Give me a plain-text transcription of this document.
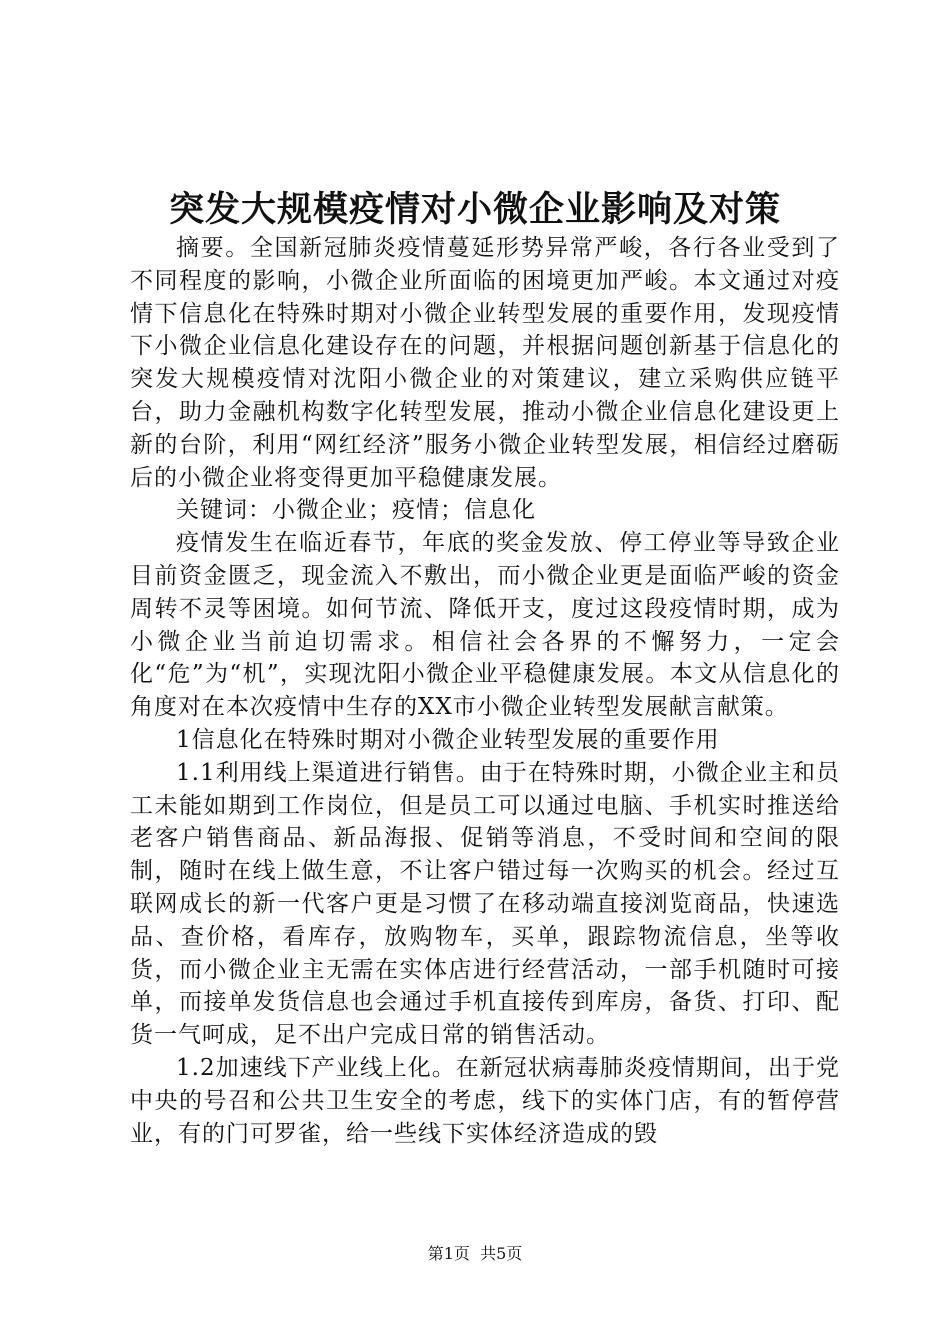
突发大规模疫情对小微企业影响及对策

摘要。全国新冠肺炎疫情蔓延形势异常严峻，各行各业受到了不同程度的影响，小微企业所面临的困境更加严峻。本文通过对疫情下信息化在特殊时期对小微企业转型发展的重要作用，发现疫情下小微企业信息化建设存在的问题，并根据问题创新基于信息化的突发大规模疫情对沈阳小微企业的对策建议，建立采购供应链平台，助力金融机构数字化转型发展，推动小微企业信息化建设更上新的台阶，利用“网红经济”服务小微企业转型发展，相信经过磨砺后的小微企业将变得更加平稳健康发展。

关键词：小微企业；疫情；信息化

疫情发生在临近春节，年底的奖金发放、停工停业等导致企业目前资金匮乏，现金流入不敷出，而小微企业更是面临严峻的资金周转不灵等困境。如何节流、降低开支，度过这段疫情时期，成为小微企业当前迫切需求。相信社会各界的不懈努力，一定会化“危”为“机”，实现沈阳小微企业平稳健康发展。本文从信息化的角度对在本次疫情中生存的XX市小微企业转型发展献言献策。

1信息化在特殊时期对小微企业转型发展的重要作用

1.1利用线上渠道进行销售。由于在特殊时期，小微企业主和员工未能如期到工作岗位，但是员工可以通过电脑、手机实时推送给老客户销售商品、新品海报、促销等消息，不受时间和空间的限制，随时在线上做生意，不让客户错过每一次购买的机会。经过互联网成长的新一代客户更是习惯了在移动端直接浏览商品，快速选品、查价格，看库存，放购物车，买单，跟踪物流信息，坐等收货，而小微企业主无需在实体店进行经营活动，一部手机随时可接单，而接单发货信息也会通过手机直接传到库房，备货、打印、配货一气呵成，足不出户完成日常的销售活动。

1.2加速线下产业线上化。在新冠状病毒肺炎疫情期间，出于党中央的号召和公共卫生安全的考虑，线下的实体门店，有的暂停营业，有的门可罗雀，给一些线下实体经济造成的毁

第1页 共5页
